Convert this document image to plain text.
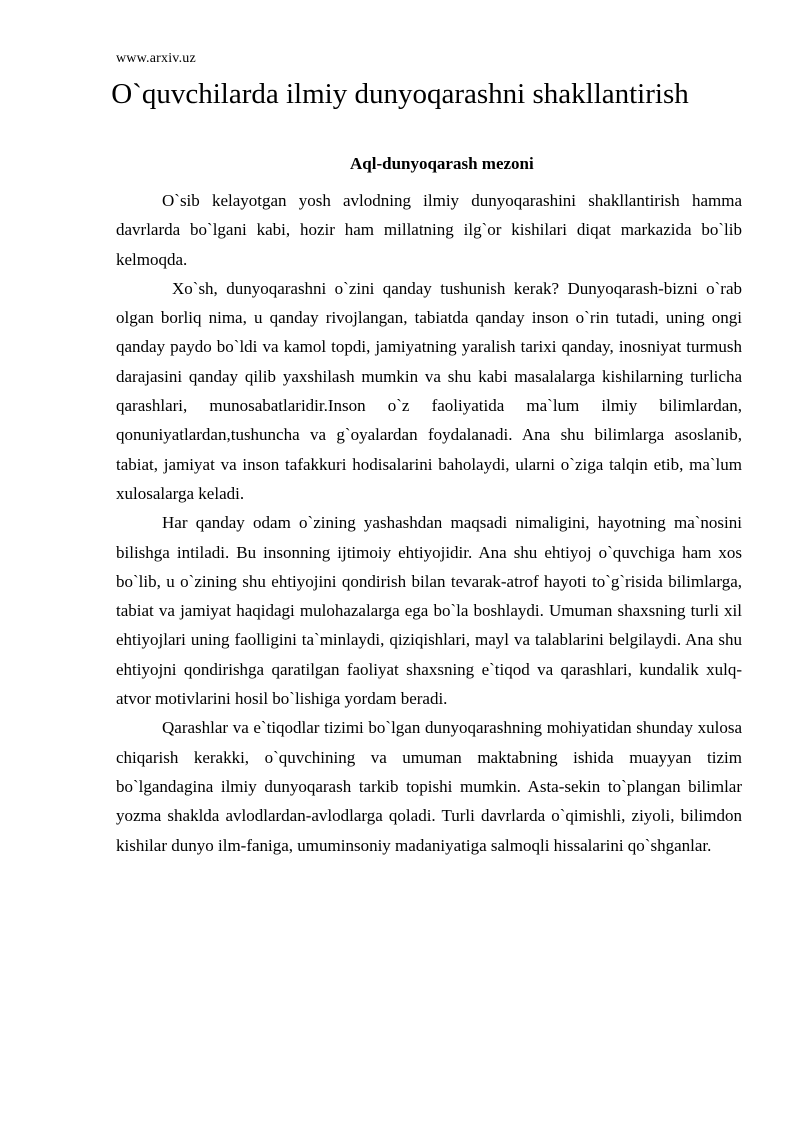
www.arxiv.uz
O`quvchilarda ilmiy dunyoqarashni shakllantirish
Aql-dunyoqarash mezoni

O`sib kelayotgan yosh avlodning ilmiy dunyoqarashini shakllantirish hamma davrlarda bo`lgani kabi, hozir ham millatning ilg`or kishilari diqat markazida bo`lib kelmoqda.

Xo`sh, dunyoqarashni o`zini qanday tushunish kerak? Dunyoqarash-bizni o`rab olgan borliq nima, u qanday rivojlangan, tabiatda qanday inson o`rin tutadi, uning ongi qanday paydo bo`ldi va kamol topdi, jamiyatning yaralish tarixi qanday, inosniyat turmush darajasini qanday qilib yaxshilash mumkin va shu kabi masalalarga kishilarning turlicha qarashlari, munosabatlaridir.Inson o`z faoliyatida ma`lum ilmiy bilimlardan, qonuniyatlardan,tushuncha va g`oyalardan foydalanadi. Ana shu bilimlarga asoslanib, tabiat, jamiyat va inson tafakkuri hodisalarini baholaydi, ularni o`ziga talqin etib, ma`lum xulosalarga keladi.

Har qanday odam o`zining yashashdan maqsadi nimaligini, hayotning ma`nosini bilishga intiladi. Bu insonning ijtimoiy ehtiyojidir. Ana shu ehtiyoj o`quvchiga ham xos bo`lib, u o`zining shu ehtiyojini qondirish bilan tevarak-atrof hayoti to`g`risida bilimlarga, tabiat va jamiyat haqidagi mulohazalarga ega bo`la boshlaydi. Umuman shaxsning turli xil ehtiyojlari uning faolligini ta`minlaydi, qiziqishlari, mayl va talablarini belgilaydi. Ana shu ehtiyojni qondirishga qaratilgan faoliyat shaxsning e`tiqod va qarashlari, kundalik xulq-atvor motivlarini hosil bo`lishiga yordam beradi.

Qarashlar va e`tiqodlar tizimi bo`lgan dunyoqarashning mohiyatidan shunday xulosa chiqarish kerakki, o`quvchining va umuman maktabning ishida muayyan tizim bo`lgandagina ilmiy dunyoqarash tarkib topishi mumkin. Asta-sekin to`plangan bilimlar yozma shaklda avlodlardan-avlodlarga qoladi. Turli davrlarda o`qimishli, ziyoli, bilimdon kishilar dunyo ilm-faniga, umuminsoniy madaniyatiga salmoqli hissalarini qo`shganlar.
